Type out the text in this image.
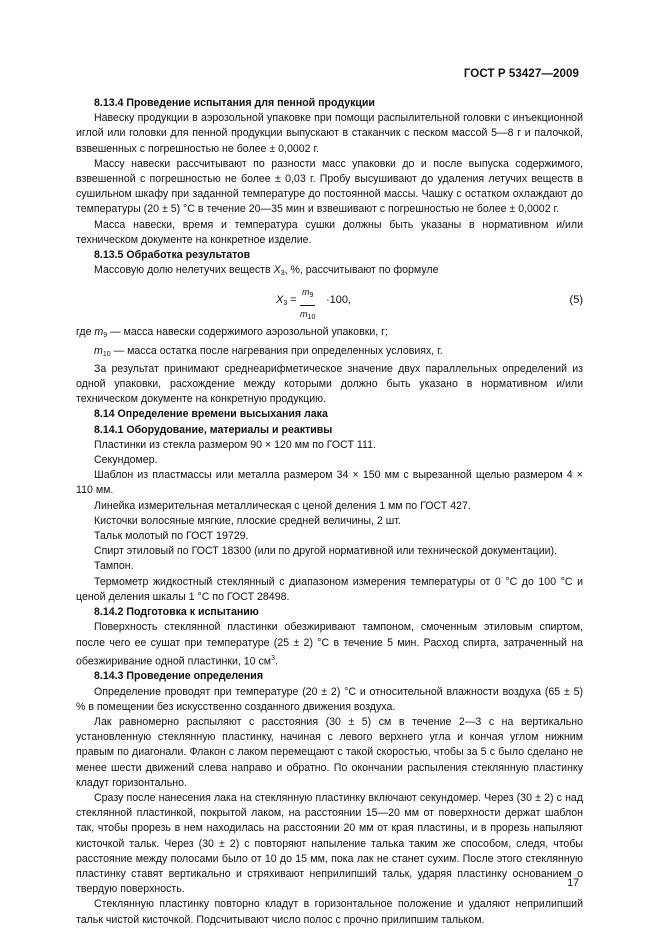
ГОСТ Р 53427—2009

8.13.4 Проведение испытания для пенной продукции

Навеску продукции в аэрозольной упаковке при помощи распылительной головки с инъекционной иглой или головки для пенной продукции выпускают в стаканчик с песком массой 5—8 г и палочкой, взвешенных с погрешностью не более ± 0,0002 г.

Массу навески рассчитывают по разности масс упаковки до и после выпуска содержимого, взвешенной с погрешностью не более ± 0,03 г. Пробу высушивают до удаления летучих веществ в сушильном шкафу при заданной температуре до постоянной массы. Чашку с остатком охлаждают до температуры (20 ± 5) °С в течение 20—35 мин и взвешивают с погрешностью не более ± 0,0002 г.

Масса навески, время и температура сушки должны быть указаны в нормативном и/или техническом документе на конкретное изделие.

8.13.5 Обработка результатов

Массовую долю нелетучих веществ $X_3$, %, рассчитывают по формуле

$X_3 = \frac{m_9}{m_{10}} \cdot 100$,	(5)

где $m_9$ — масса навески содержимого аэрозольной упаковки, г;

$m_{10}$ — масса остатка после нагревания при определенных условиях, г.

За результат принимают среднеарифметическое значение двух параллельных определений из одной упаковки, расхождение между которыми должно быть указано в нормативном и/или техническом документе на конкретную продукцию.

8.14 Определение времени высыхания лака

8.14.1 Оборудование, материалы и реактивы

Пластинки из стекла размером 90 × 120 мм по ГОСТ 111.

Секундомер.

Шаблон из пластмассы или металла размером 34 × 150 мм с вырезанной щелью размером 4 × 110 мм.

Линейка измерительная металлическая с ценой деления 1 мм по ГОСТ 427.

Кисточки волосяные мягкие, плоские средней величины, 2 шт.

Тальк молотый по ГОСТ 19729.

Спирт этиловый по ГОСТ 18300 (или по другой нормативной или технической документации).

Тампон.

Термометр жидкостный стеклянный с диапазоном измерения температуры от 0 °С до 100 °С и ценой деления шкалы 1 °С по ГОСТ 28498.

8.14.2 Подготовка к испытанию

Поверхность стеклянной пластинки обезжиривают тампоном, смоченным этиловым спиртом, после чего ее сушат при температуре (25 ± 2) °С в течение 5 мин. Расход спирта, затраченный на обезжиривание одной пластинки, 10 $см^3$.

8.14.3 Проведение определения

Определение проводят при температуре (20 ± 2) °С и относительной влажности воздуха (65 ± 5) % в помещении без искусственно созданного движения воздуха.

Лак равномерно распыляют с расстояния (30 ± 5) см в течение 2—3 с на вертикально установленную стеклянную пластинку, начиная с левого верхнего угла и кончая углом нижним правым по диагонали. Флакон с лаком перемещают с такой скоростью, чтобы за 5 с было сделано не менее шести движений слева направо и обратно. По окончании распыления стеклянную пластинку кладут горизонтально.

Сразу после нанесения лака на стеклянную пластинку включают секундомер. Через (30 ± 2) с над стеклянной пластинкой, покрытой лаком, на расстоянии 15—20 мм от поверхности держат шаблон так, чтобы прорезь в нем находилась на расстоянии 20 мм от края пластины, и в прорезь напыляют кисточкой тальк. Через (30 ± 2) с повторяют напыление талька таким же способом, следя, чтобы расстояние между полосами было от 10 до 15 мм, пока лак не станет сухим. После этого стеклянную пластинку ставят вертикально и стряхивают неприлипший тальк, ударяя пластинку основанием о твердую поверхность.

Стеклянную пластинку повторно кладут в горизонтальное положение и удаляют неприлипший тальк чистой кисточкой. Подсчитывают число полос с прочно прилипшим тальком.

17
